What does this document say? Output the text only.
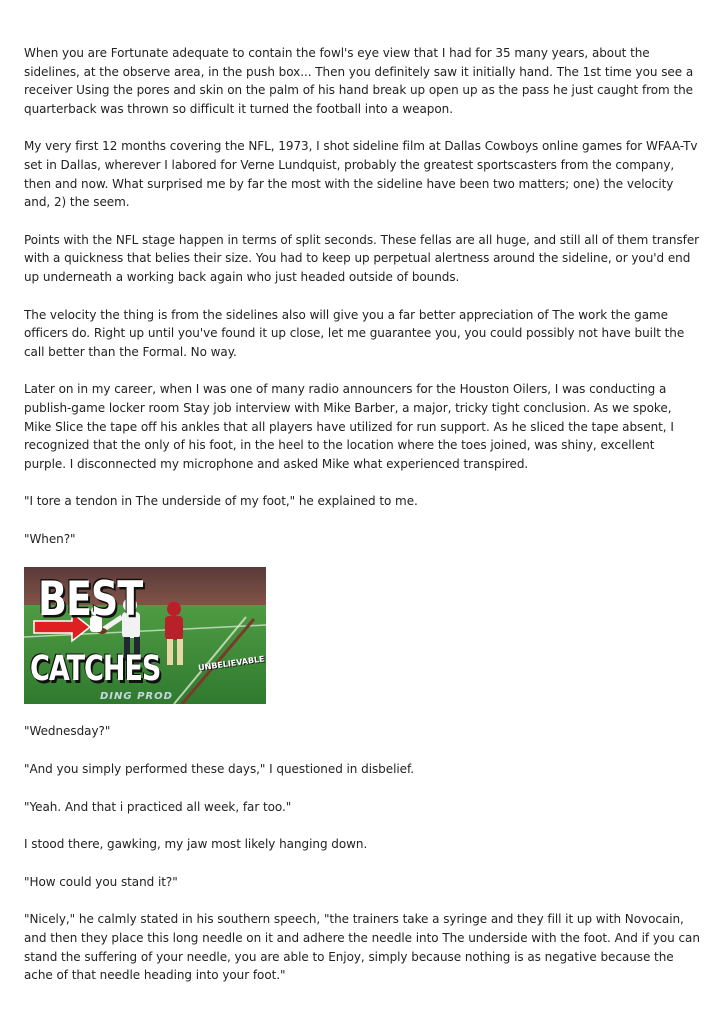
When you are Fortunate adequate to contain the fowl's eye view that I had for 35 many years, about the sidelines, at the observe area, in the push box... Then you definitely saw it initially hand. The 1st time you see a receiver Using the pores and skin on the palm of his hand break up open up as the pass he just caught from the quarterback was thrown so difficult it turned the football into a weapon.

My very first 12 months covering the NFL, 1973, I shot sideline film at Dallas Cowboys online games for WFAA-Tv set in Dallas, wherever I labored for Verne Lundquist, probably the greatest sportscasters from the company, then and now. What surprised me by far the most with the sideline have been two matters; one) the velocity and, 2) the seem.

Points with the NFL stage happen in terms of split seconds. These fellas are all huge, and still all of them transfer with a quickness that belies their size. You had to keep up perpetual alertness around the sideline, or you'd end up underneath a working back again who just headed outside of bounds.

The velocity the thing is from the sidelines also will give you a far better appreciation of The work the game officers do. Right up until you've found it up close, let me guarantee you, you could possibly not have built the call better than the Formal. No way.

Later on in my career, when I was one of many radio announcers for the Houston Oilers, I was conducting a publish-game locker room Stay job interview with Mike Barber, a major, tricky tight conclusion. As we spoke, Mike Slice the tape off his ankles that all players have utilized for run support. As he sliced the tape absent, I recognized that the only of his foot, in the heel to the location where the toes joined, was shiny, excellent purple. I disconnected my microphone and asked Mike what experienced transpired.

"I tore a tendon in The underside of my foot," he explained to me.

"When?"

BEST
CATCHES	UNBELIEVABLE
DING PROD

"Wednesday?"

"And you simply performed these days," I questioned in disbelief.

"Yeah. And that i practiced all week, far too."

I stood there, gawking, my jaw most likely hanging down.

"How could you stand it?"

"Nicely," he calmly stated in his southern speech, "the trainers take a syringe and they fill it up with Novocain, and then they place this long needle on it and adhere the needle into The underside with the foot. And if you can stand the suffering of your needle, you are able to Enjoy, simply because nothing is as negative because the ache of that needle heading into your foot."
